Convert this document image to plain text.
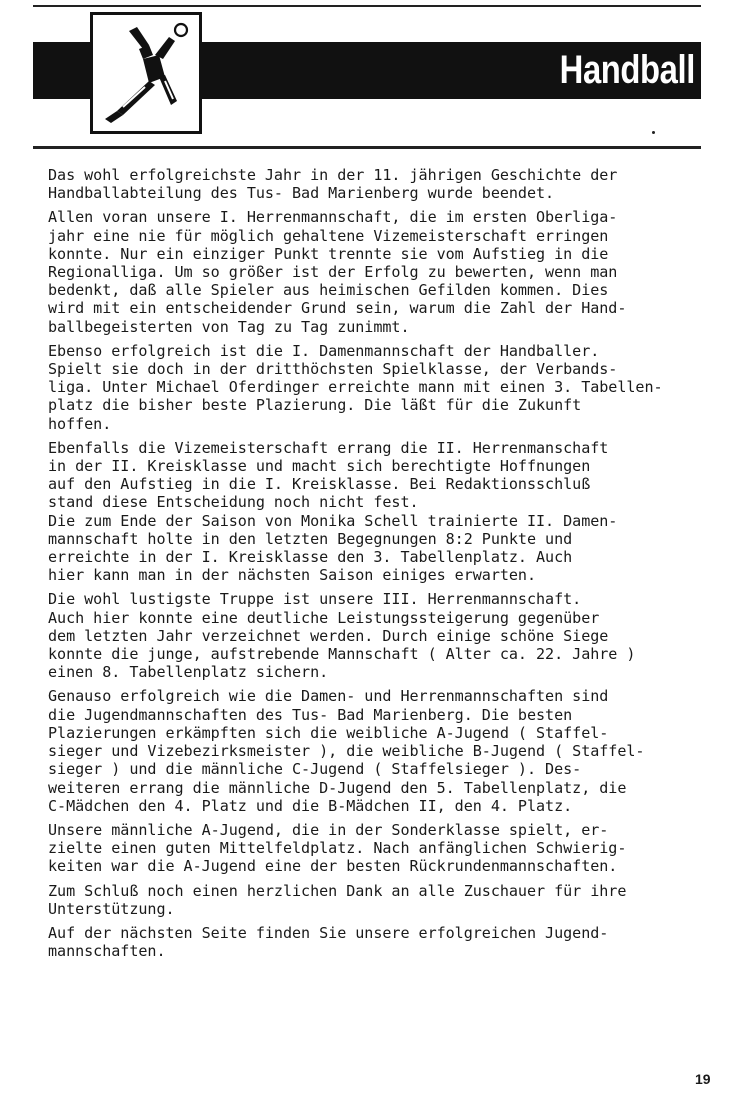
Handball

Das wohl erfolgreichste Jahr in der 11. jährigen Geschichte der
Handballabteilung des Tus- Bad Marienberg wurde beendet.

Allen voran unsere I. Herrenmannschaft, die im ersten Oberliga-
jahr eine nie für möglich gehaltene Vizemeisterschaft erringen
konnte. Nur ein einziger Punkt trennte sie vom Aufstieg in die
Regionalliga. Um so größer ist der Erfolg zu bewerten, wenn man
bedenkt, daß alle Spieler aus heimischen Gefilden kommen. Dies
wird mit ein entscheidender Grund sein, warum die Zahl der Hand-
ballbegeisterten von Tag zu Tag zunimmt.

Ebenso erfolgreich ist die I. Damenmannschaft der Handballer.
Spielt sie doch in der dritthöchsten Spielklasse, der Verbands-
liga. Unter Michael Oferdinger erreichte mann mit einen 3. Tabellen-
platz die bisher beste Plazierung. Die läßt für die Zukunft
hoffen.

Ebenfalls die Vizemeisterschaft errang die II. Herrenmanschaft
in der II. Kreisklasse und macht sich berechtigte Hoffnungen
auf den Aufstieg in die I. Kreisklasse. Bei Redaktionsschluß
stand diese Entscheidung noch nicht fest.
Die zum Ende der Saison von Monika Schell trainierte II. Damen-
mannschaft holte in den letzten Begegnungen 8:2 Punkte und
erreichte in der I. Kreisklasse den 3. Tabellenplatz. Auch
hier kann man in der nächsten Saison einiges erwarten.

Die wohl lustigste Truppe ist unsere III. Herrenmannschaft.
Auch hier konnte eine deutliche Leistungssteigerung gegenüber
dem letzten Jahr verzeichnet werden. Durch einige schöne Siege
konnte die junge, aufstrebende Mannschaft ( Alter ca. 22. Jahre )
einen 8. Tabellenplatz sichern.

Genauso erfolgreich wie die Damen- und Herrenmannschaften sind
die Jugendmannschaften des Tus- Bad Marienberg. Die besten
Plazierungen erkämpften sich die weibliche A-Jugend ( Staffel-
sieger und Vizebezirksmeister ), die weibliche B-Jugend ( Staffel-
sieger ) und die männliche C-Jugend ( Staffelsieger ). Des-
weiteren errang die männliche D-Jugend den 5. Tabellenplatz, die
C-Mädchen den 4. Platz und die B-Mädchen II, den 4. Platz.

Unsere männliche A-Jugend, die in der Sonderklasse spielt, er-
zielte einen guten Mittelfeldplatz. Nach anfänglichen Schwierig-
keiten war die A-Jugend eine der besten Rückrundenmannschaften.

Zum Schluß noch einen herzlichen Dank an alle Zuschauer für ihre
Unterstützung.

Auf der nächsten Seite finden Sie unsere erfolgreichen Jugend-
mannschaften.

19
